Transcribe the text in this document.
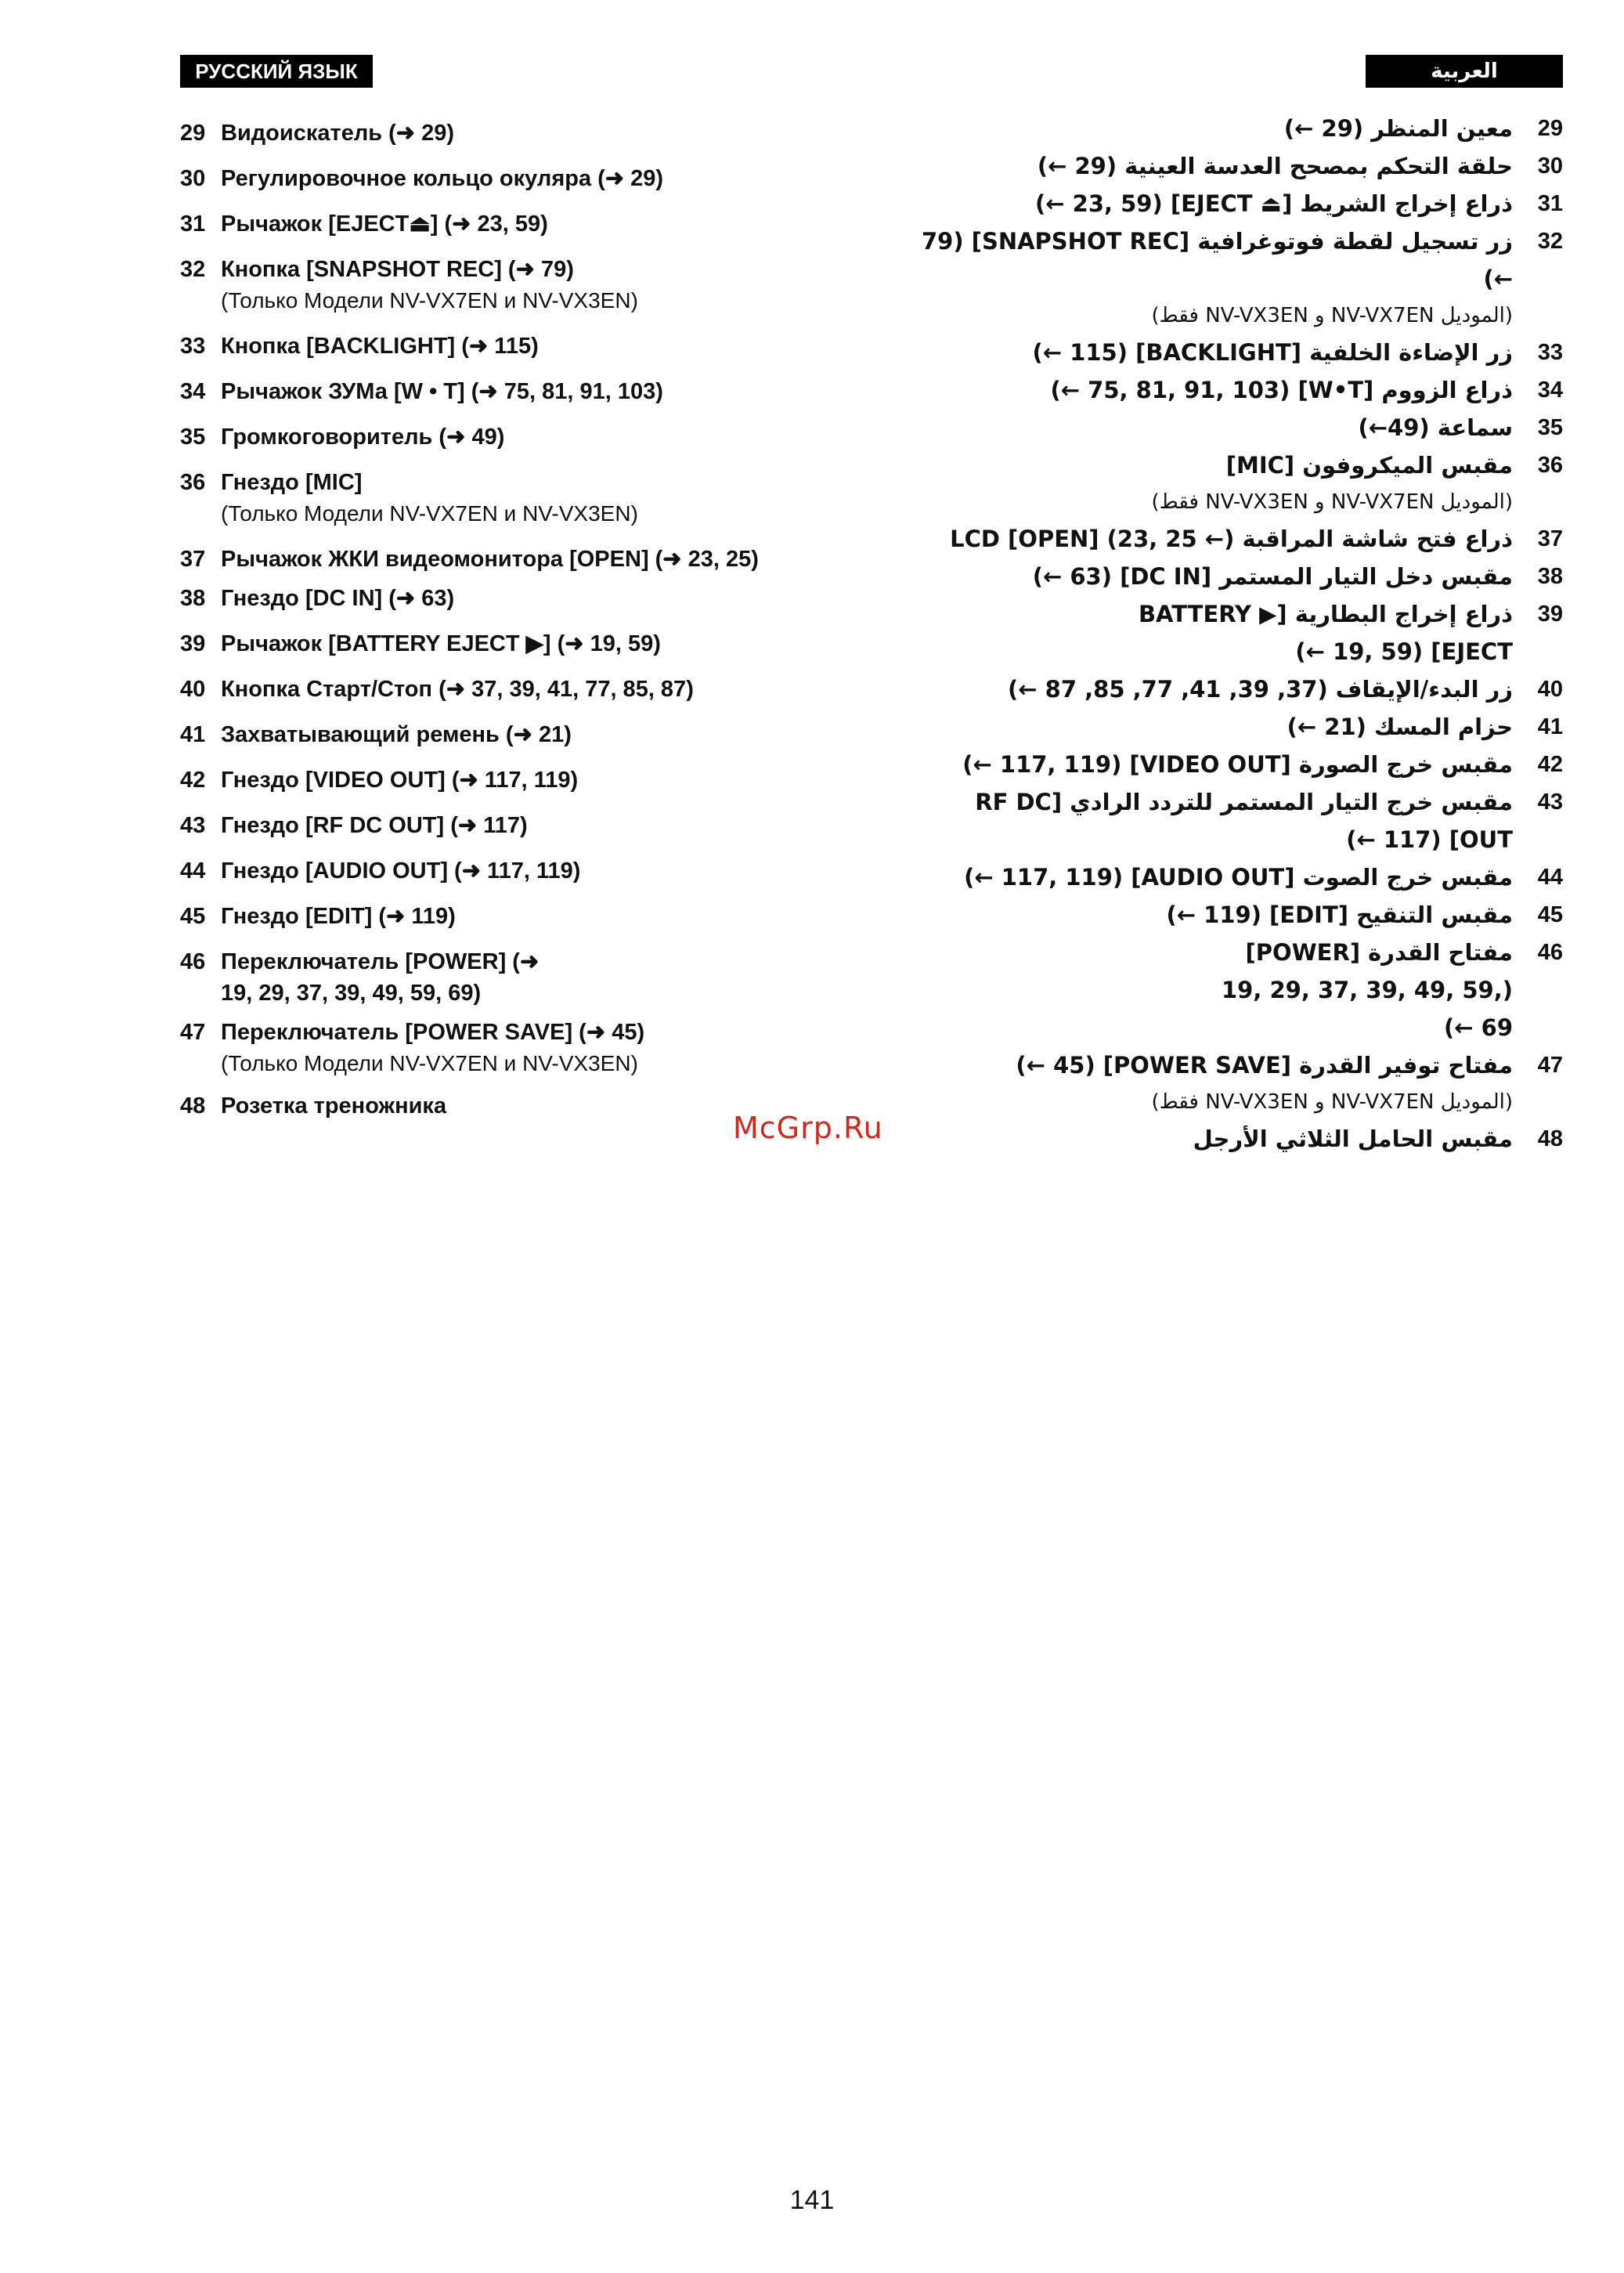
РУССКИЙ ЯЗЫК	العربية
29 Видоискатель (➜ 29)
30 Регулировочное кольцо окуляра (➜ 29)
31 Рычажок [EJECT⏏] (➜ 23, 59)
32 Кнопка [SNAPSHOT REC] (➜ 79)
(Только Модели NV-VX7EN и NV-VX3EN)
33 Кнопка [BACKLIGHT] (➜ 115)
34 Рычажок ЗУМа [W • T] (➜ 75, 81, 91, 103)
35 Громкоговоритель (➜ 49)
36 Гнездо [MIC]
(Только Модели NV-VX7EN и NV-VX3EN)
37 Рычажок ЖКИ видеомонитора [OPEN] (➜ 23, 25)
38 Гнездо [DC IN] (➜ 63)
39 Рычажок [BATTERY EJECT ▶] (➜ 19, 59)
40 Кнопка Старт/Стоп (➜ 37, 39, 41, 77, 85, 87)
41 Захватывающий ремень (➜ 21)
42 Гнездо [VIDEO OUT] (➜ 117, 119)
43 Гнездо [RF DC OUT] (➜ 117)
44 Гнездо [AUDIO OUT] (➜ 117, 119)
45 Гнездо [EDIT] (➜ 119)
46 Переключатель [POWER] (➜ 19, 29, 37, 39, 49, 59, 69)
47 Переключатель [POWER SAVE] (➜ 45)
(Только Модели NV-VX7EN и NV-VX3EN)
48 Розетка треножника
29
معين المنظر (29 ←)
30
حلقة التحكم بمصحح العدسة العينية (29 ←)
31
ذراع إخراج الشريط [⏏ EJECT] (23, 59 ←)
32
زر تسجيل لقطة فوتوغرافية [SNAPSHOT REC] (79 ←)
(الموديل NV-VX7EN و NV-VX3EN فقط)
33
زر الإضاءة الخلفية [BACKLIGHT] (115 ←)
34
ذراع الزووم [W•T] (75, 81, 91, 103 ←)
35
سماعة (49←)
36
مقبس الميكروفون [MIC]
(الموديل NV-VX7EN و NV-VX3EN فقط)
37
ذراع فتح شاشة المراقبة LCD [OPEN] (23, 25 ←)
38
مقبس دخل التيار المستمر [DC IN] (63 ←)
39
ذراع إخراج البطارية [▶ BATTERY EJECT] (19, 59 ←)
40
زر البدء/الإيقاف (37, 39, 41, 77, 85, 87 ←)
41
حزام المسك (21 ←)
42
مقبس خرج الصورة [VIDEO OUT] (117, 119 ←)
43
مقبس خرج التيار المستمر للتردد الرادي [RF DC OUT] (117 ←)
44
مقبس خرج الصوت [AUDIO OUT] (117, 119 ←)
45
مقبس التنقيح [EDIT] (119 ←)
46
مفتاح القدرة [POWER] (19, 29, 37, 39, 49, 59, 69 ←)
47
مفتاح توفير القدرة [POWER SAVE] (45 ←)
(الموديل NV-VX7EN و NV-VX3EN فقط)
48
مقبس الحامل الثلاثي الأرجل
McGrp.Ru
141
